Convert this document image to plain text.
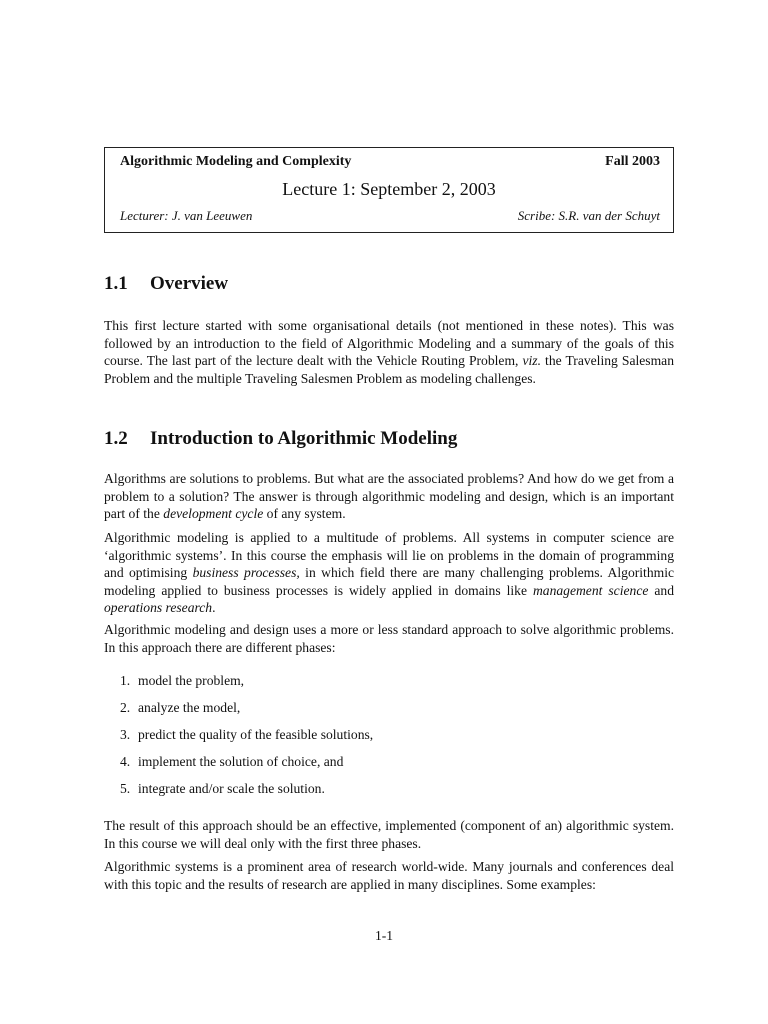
Algorithmic Modeling and Complexity	Fall 2003
Lecture 1: September 2, 2003
Lecturer: J. van Leeuwen	Scribe: S.R. van der Schuyt
1.1 Overview

This first lecture started with some organisational details (not mentioned in these notes). This was followed by an introduction to the field of Algorithmic Modeling and a summary of the goals of this course. The last part of the lecture dealt with the Vehicle Routing Problem, viz. the Traveling Salesman Problem and the multiple Traveling Salesmen Problem as modeling challenges.

1.2 Introduction to Algorithmic Modeling

Algorithms are solutions to problems. But what are the associated problems? And how do we get from a problem to a solution? The answer is through algorithmic modeling and design, which is an important part of the development cycle of any system.

Algorithmic modeling is applied to a multitude of problems. All systems in computer science are ‘algorithmic systems’. In this course the emphasis will lie on problems in the domain of programming and optimising business processes, in which field there are many challenging problems. Algorithmic modeling applied to business processes is widely applied in domains like management science and operations research.

Algorithmic modeling and design uses a more or less standard approach to solve algorithmic problems. In this approach there are different phases:

1. model the problem,

2. analyze the model,

3. predict the quality of the feasible solutions,

4. implement the solution of choice, and

5. integrate and/or scale the solution.

The result of this approach should be an effective, implemented (component of an) algorithmic system. In this course we will deal only with the first three phases.

Algorithmic systems is a prominent area of research world-wide. Many journals and conferences deal with this topic and the results of research are applied in many disciplines. Some examples:

1-1
